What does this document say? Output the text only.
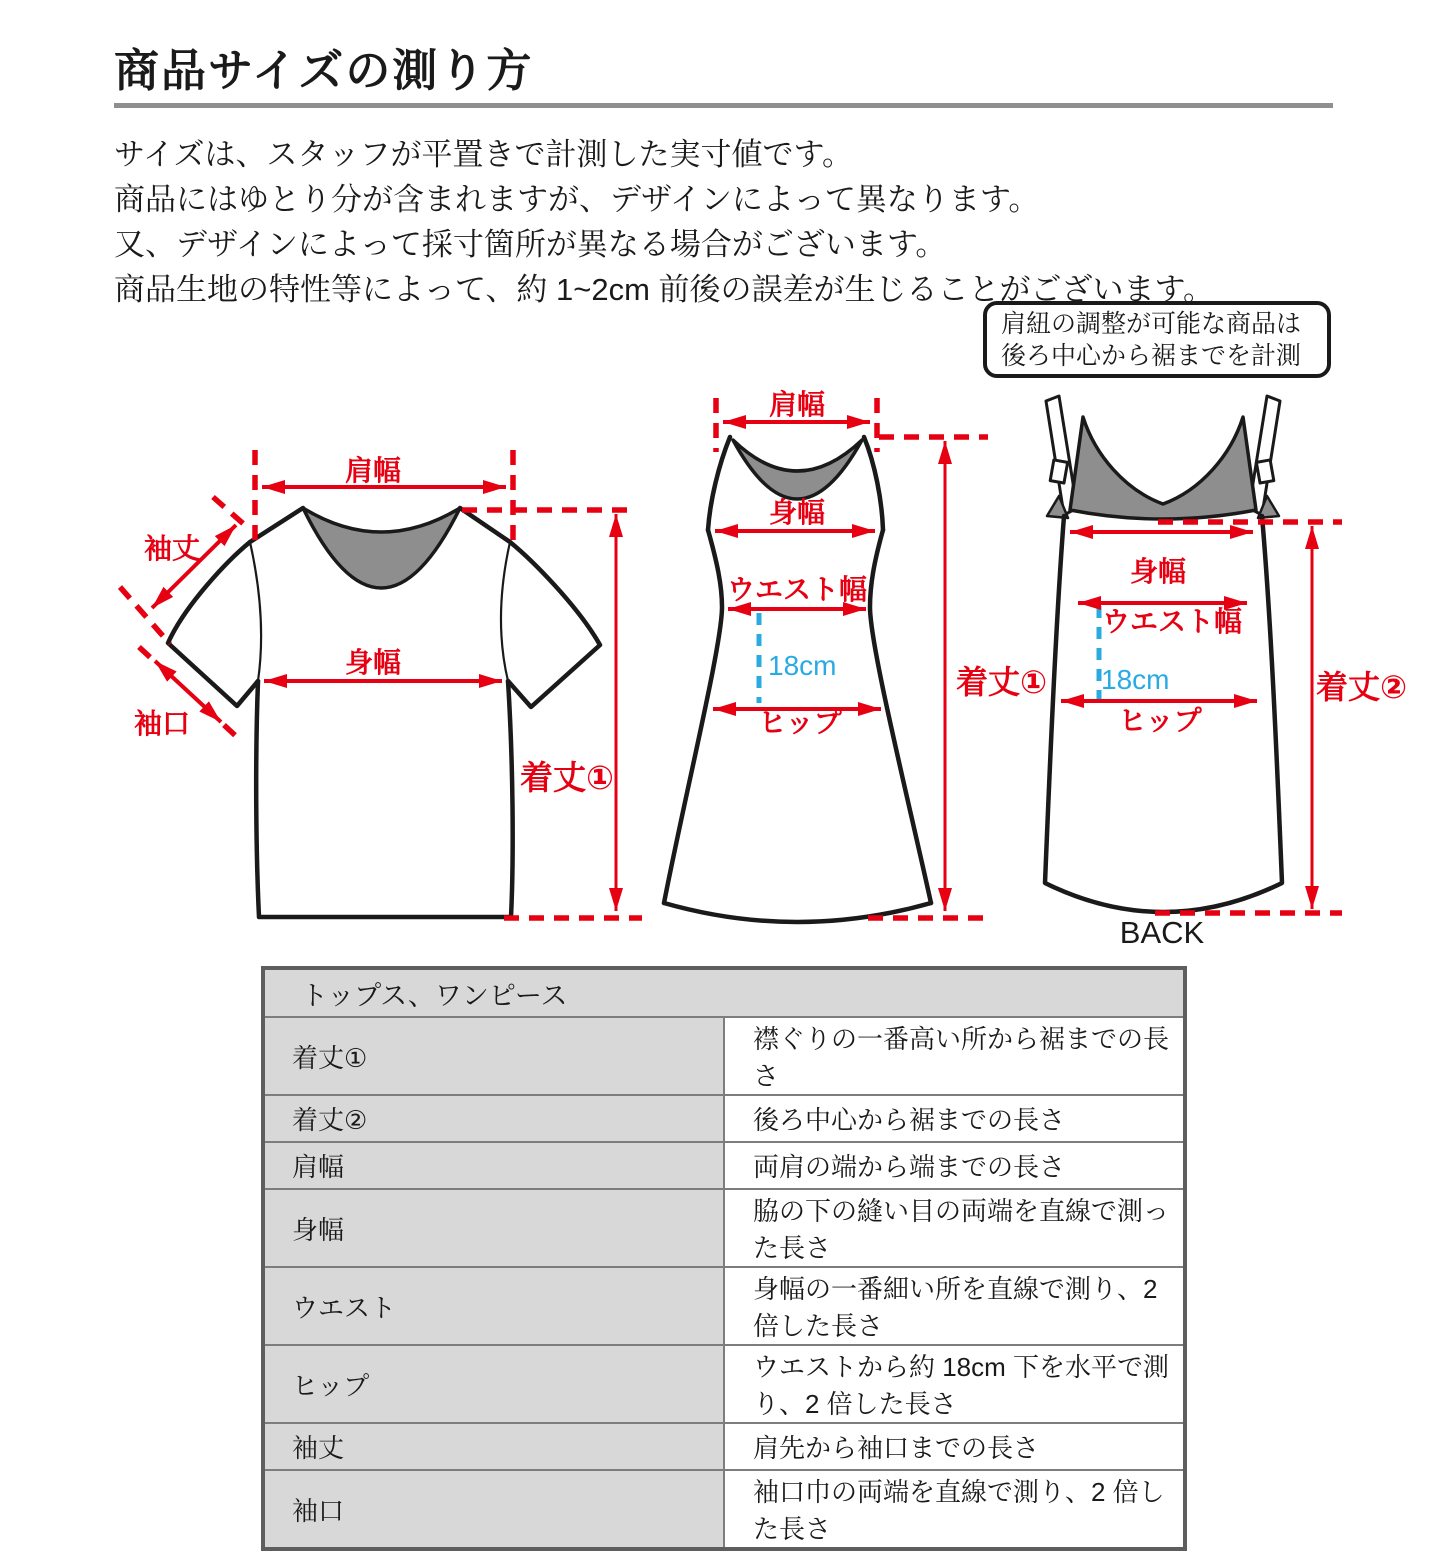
商品サイズの測り方

サイズは、スタッフが平置きで計測した実寸値です。

商品にはゆとり分が含まれますが、デザインによって異なります。

又、デザインによって採寸箇所が異なる場合がございます。

商品生地の特性等によって、約 1~2cm 前後の誤差が生じることがございます。

肩紐の調整が可能な商品は
後ろ中心から裾までを計測
肩幅
袖丈
袖口
身幅
着丈①
肩幅
身幅
ウエスト幅
18cm
ヒップ
着丈①
身幅
ウエスト幅
18cm
ヒップ
着丈②
BACK
トップス、ワンピース	
着丈①	襟ぐりの一番高い所から裾までの長さ
着丈②	後ろ中心から裾までの長さ
肩幅	両肩の端から端までの長さ
身幅	脇の下の縫い目の両端を直線で測った長さ
ウエスト	身幅の一番細い所を直線で測り、2 倍した長さ
ヒップ	ウエストから約 18cm 下を水平で測り、2 倍した長さ
袖丈	肩先から袖口までの長さ
袖口	袖口巾の両端を直線で測り、2 倍した長さ
